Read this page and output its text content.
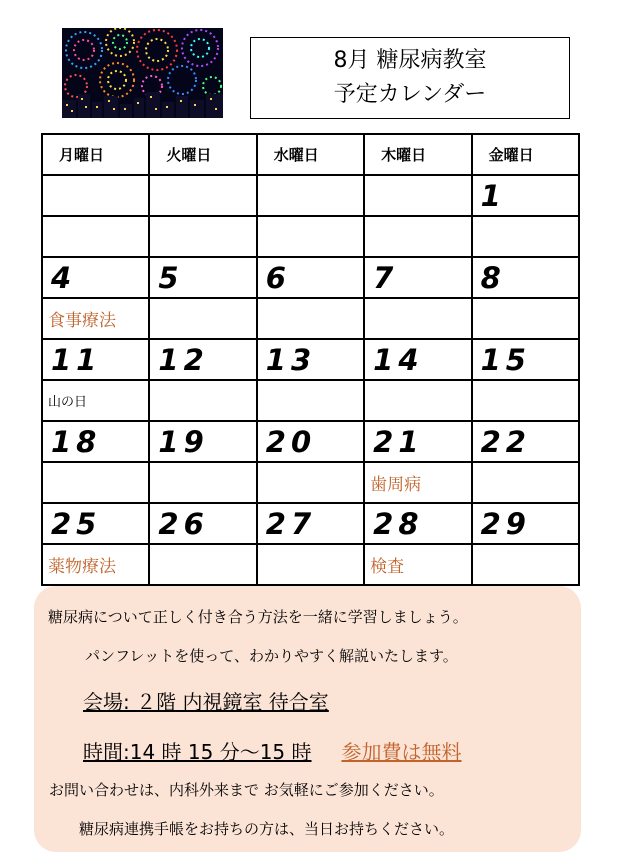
8月 糖尿病教室
予定カレンダー
月曜日	火曜日	水曜日	木曜日	金曜日
				1

4	5	6	7	8
食事療法				
11	12	13	14	15
山の日				
18	19	20	21	22
			歯周病	
25	26	27	28	29
薬物療法			検査	
糖尿病について正しく付き合う方法を一緒に学習しましょう。
パンフレットを使って、わかりやすく解説いたします。
会場: ２階 内視鏡室 待合室
時間:14 時 15 分～15 時 参加費は無料
お問い合わせは、内科外来まで お気軽にご参加ください。
糖尿病連携手帳をお持ちの方は、当日お持ちください。
